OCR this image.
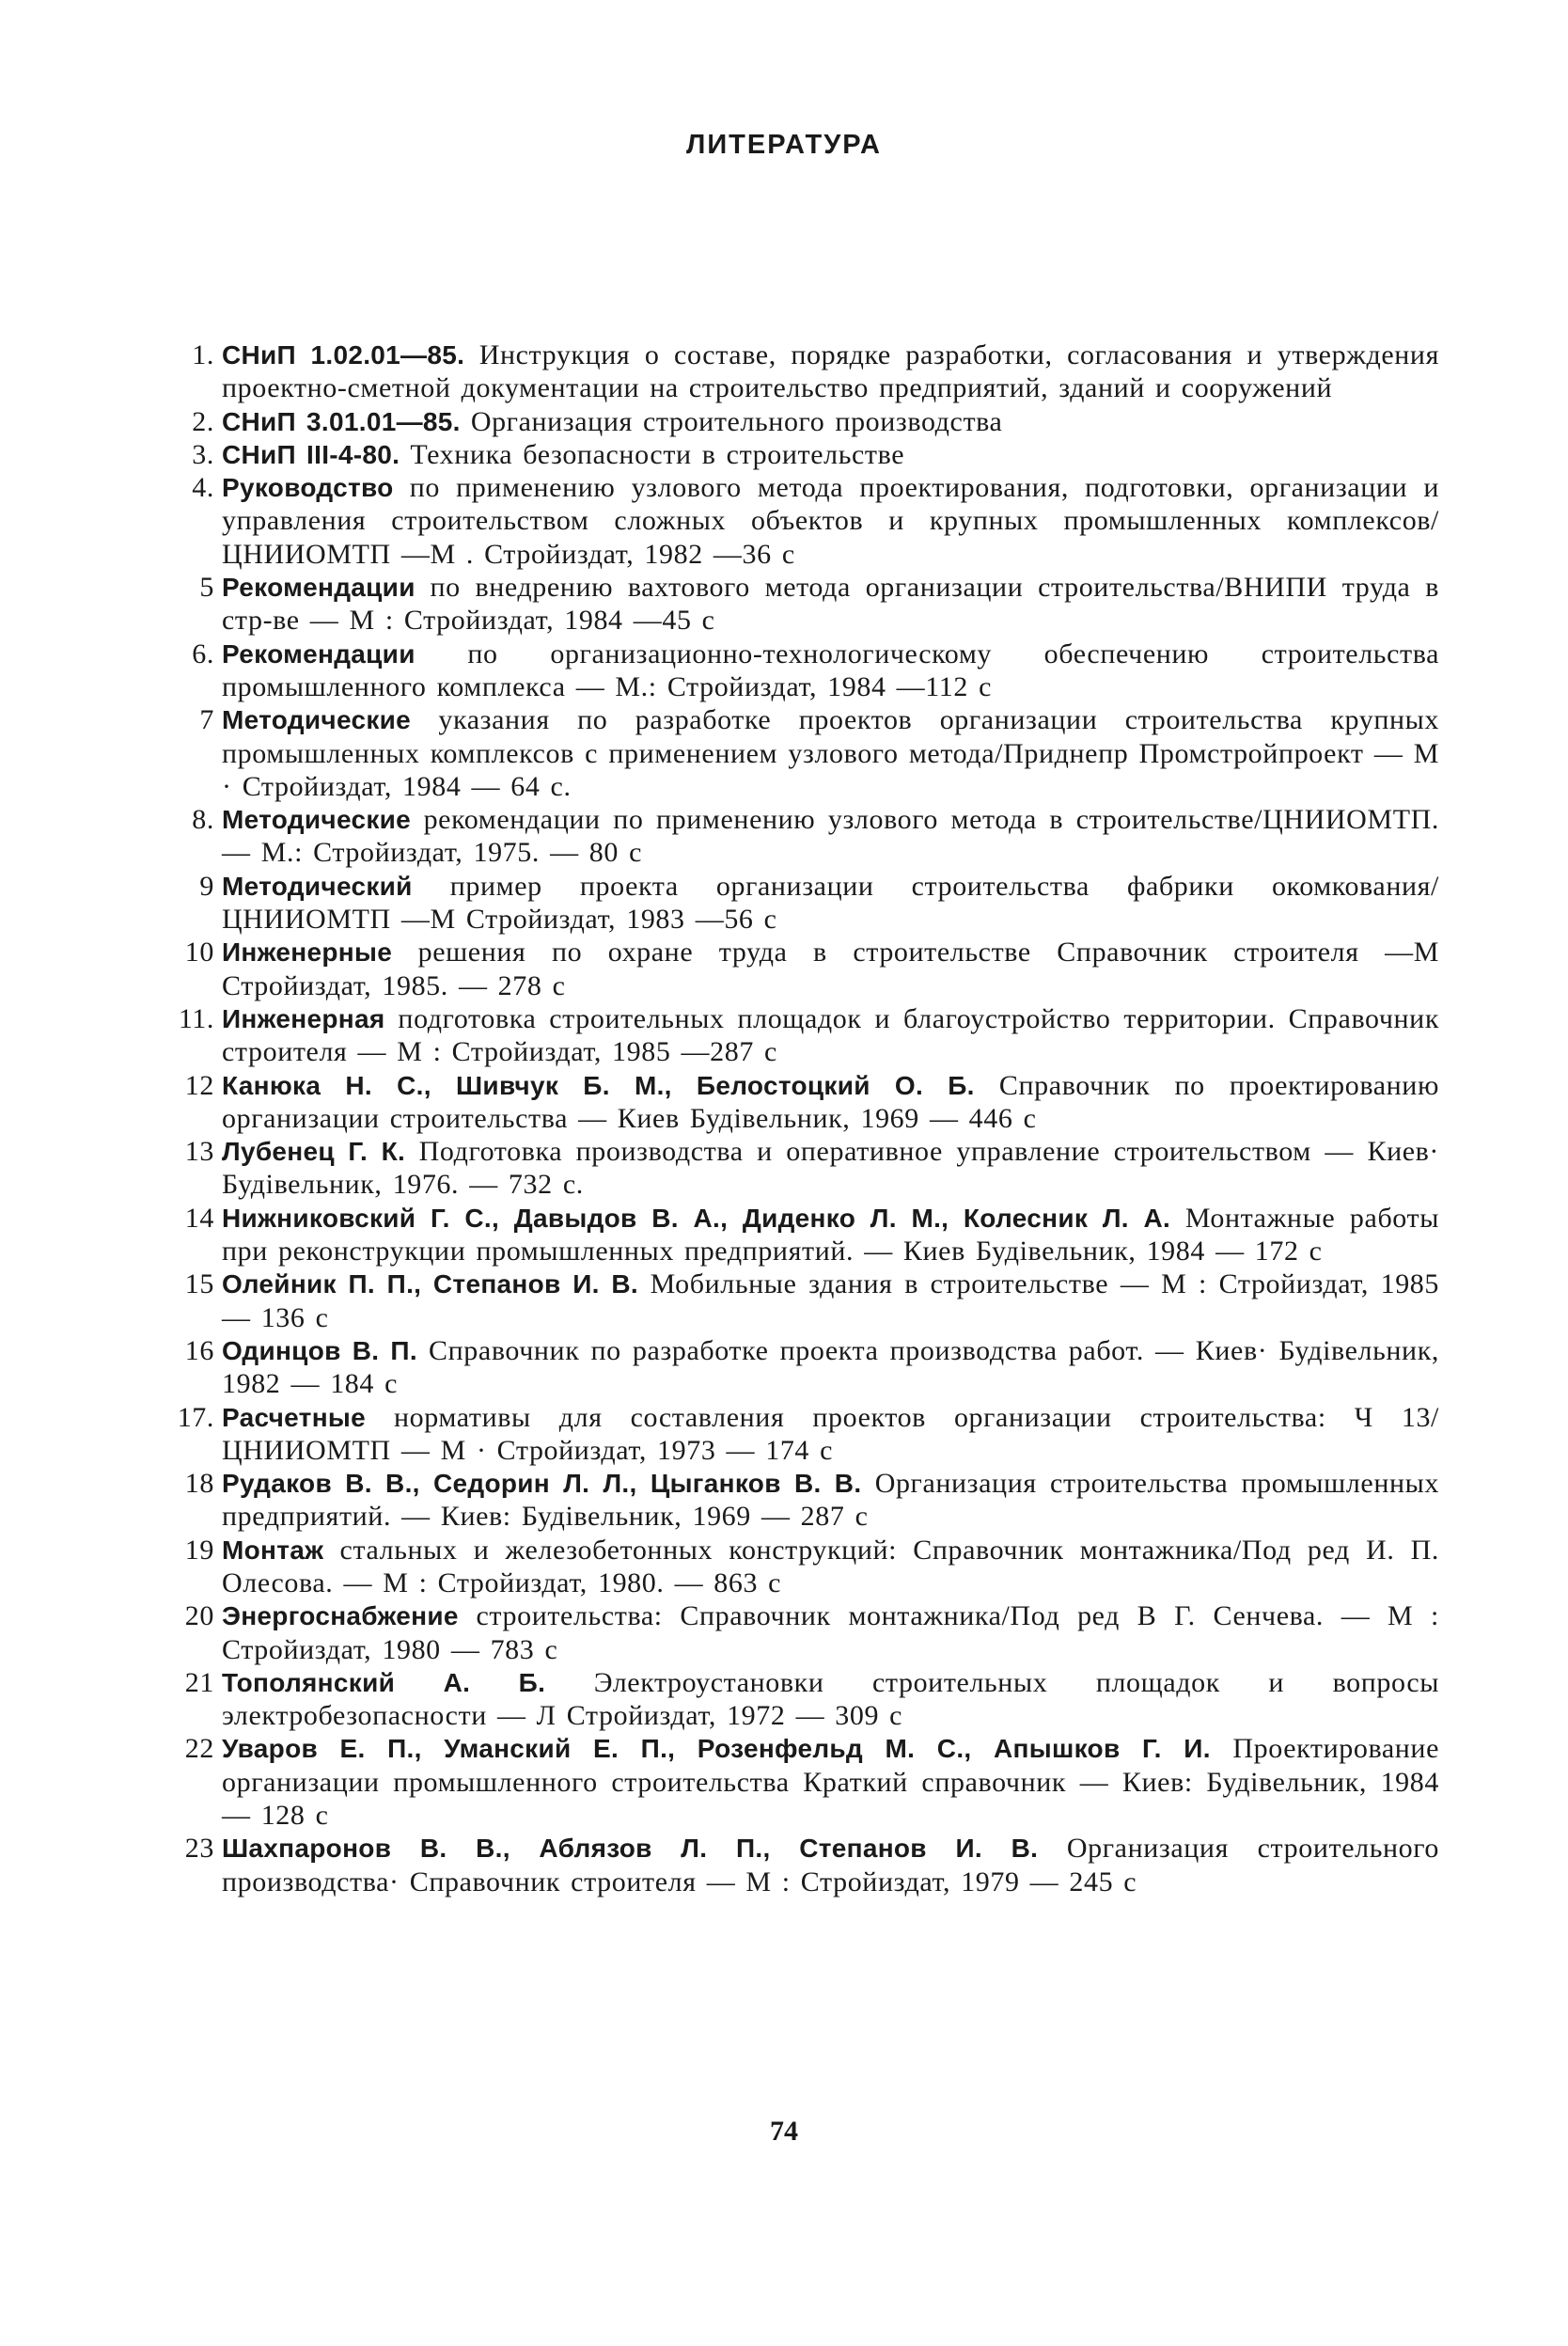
ЛИТЕРАТУРА
1. СНиП 1.02.01—85. Инструкция о составе, порядке разработки, согласования и утверждения проектно-сметной документации на строительство предприятий, зданий и сооружений
2. СНиП 3.01.01—85. Организация строительного производства
3. СНиП III-4-80. Техника безопасности в строительстве
4. Руководство по применению узлового метода проектирования, подготовки, организации и управления строительством сложных объектов и крупных промышленных комплексов/ЦНИИОМТП —М . Стройиздат, 1982 —36 с
5 Рекомендации по внедрению вахтового метода организации строительства/ВНИПИ труда в стр-ве — М : Стройиздат, 1984 —45 с
6. Рекомендации по организационно-технологическому обеспечению строительства промышленного комплекса — М.: Стройиздат, 1984 —112 с
7 Методические указания по разработке проектов организации строительства крупных промышленных комплексов с применением узлового метода/Приднепр Промстройпроект — М · Стройиздат, 1984 — 64 с.
8. Методические рекомендации по применению узлового метода в строительстве/ЦНИИОМТП. — М.: Стройиздат, 1975. — 80 с
9 Методический пример проекта организации строительства фабрики окомкования/ЦНИИОМТП —М Стройиздат, 1983 —56 с
10 Инженерные решения по охране труда в строительстве Справочник строителя —М Стройиздат, 1985. — 278 с
11. Инженерная подготовка строительных площадок и благоустройство территории. Справочник строителя — М : Стройиздат, 1985 —287 с
12 Канюка Н. С., Шивчук Б. М., Белостоцкий О. Б. Справочник по проектированию организации строительства — Киев Будівельник, 1969 — 446 с
13 Лубенец Г. К. Подготовка производства и оперативное управление строительством — Киев· Будівельник, 1976. — 732 с.
14 Нижниковский Г. С., Давыдов В. А., Диденко Л. М., Колесник Л. А. Монтажные работы при реконструкции промышленных предприятий. — Киев Будівельник, 1984 — 172 с
15 Олейник П. П., Степанов И. В. Мобильные здания в строительстве — М : Стройиздат, 1985 — 136 с
16 Одинцов В. П. Справочник по разработке проекта производства работ. — Киев· Будівельник, 1982 — 184 с
17. Расчетные нормативы для составления проектов организации строительства: Ч 13/ЦНИИОМТП — М · Стройиздат, 1973 — 174 с
18 Рудаков В. В., Седорин Л. Л., Цыганков В. В. Организация строительства промышленных предприятий. — Киев: Будівельник, 1969 — 287 с
19 Монтаж стальных и железобетонных конструкций: Справочник монтажника/Под ред И. П. Олесова. — М : Стройиздат, 1980. — 863 с
20 Энергоснабжение строительства: Справочник монтажника/Под ред В Г. Сенчева. — М : Стройиздат, 1980 — 783 с
21 Тополянский А. Б. Электроустановки строительных площадок и вопросы электробезопасности — Л Стройиздат, 1972 — 309 с
22 Уваров Е. П., Уманский Е. П., Розенфельд М. С., Апышков Г. И. Проектирование организации промышленного строительства Краткий справочник — Киев: Будівельник, 1984 — 128 с
23 Шахпаронов В. В., Аблязов Л. П., Степанов И. В. Организация строительного производства· Справочник строителя — М : Стройиздат, 1979 — 245 с
74
